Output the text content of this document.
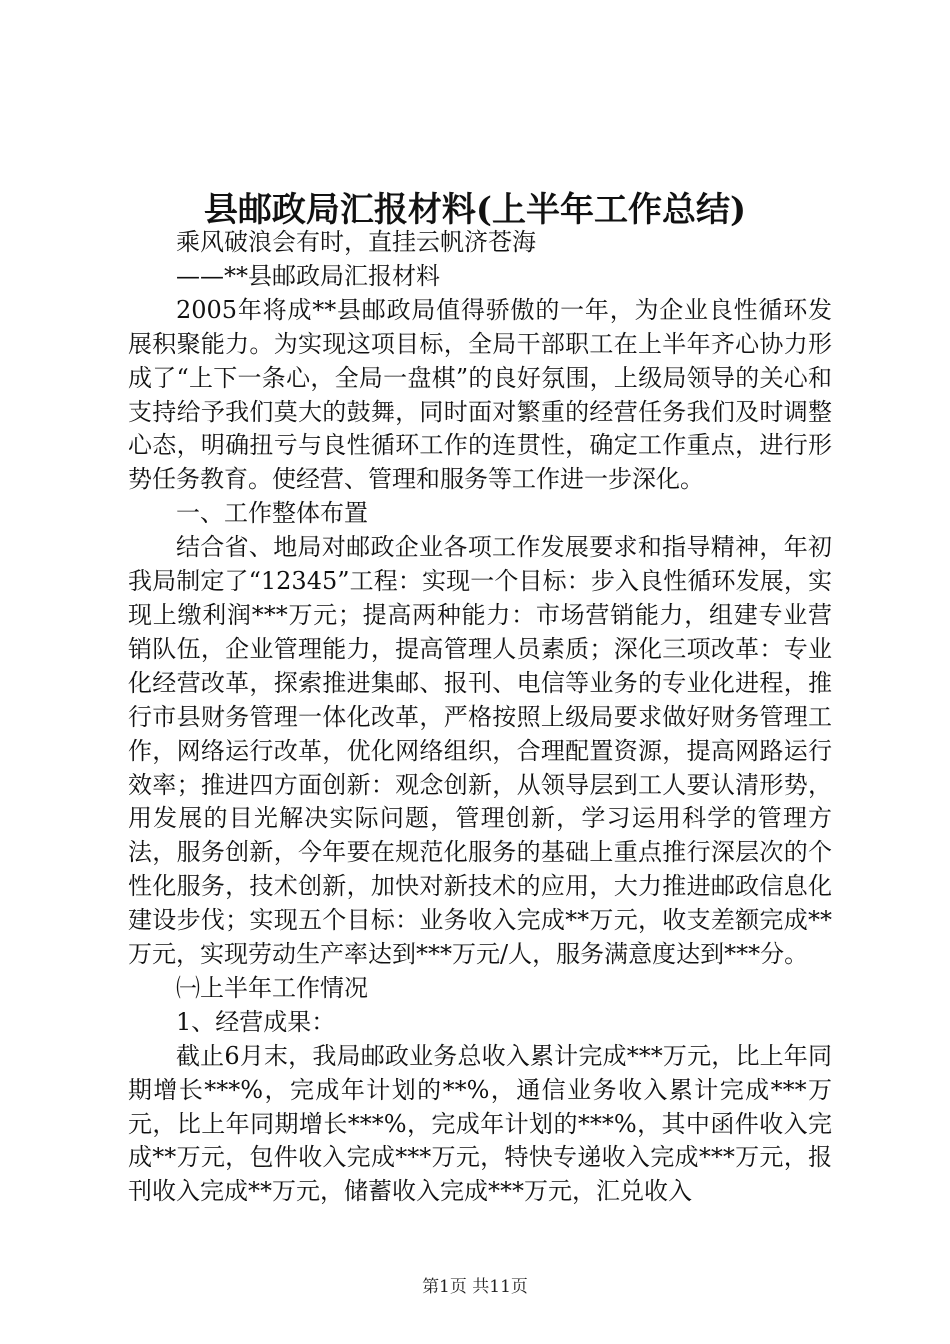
县邮政局汇报材料(上半年工作总结)

乘风破浪会有时，直挂云帆济苍海

——**县邮政局汇报材料

2005年将成**县邮政局值得骄傲的一年，为企业良性循环发展积聚能力。为实现这项目标，全局干部职工在上半年齐心协力形成了“上下一条心，全局一盘棋”的良好氛围，上级局领导的关心和支持给予我们莫大的鼓舞，同时面对繁重的经营任务我们及时调整心态，明确扭亏与良性循环工作的连贯性，确定工作重点，进行形势任务教育。使经营、管理和服务等工作进一步深化。

一、工作整体布置

结合省、地局对邮政企业各项工作发展要求和指导精神，年初我局制定了“12345”工程：实现一个目标：步入良性循环发展，实现上缴利润***万元；提高两种能力：市场营销能力，组建专业营销队伍，企业管理能力，提高管理人员素质；深化三项改革：专业化经营改革，探索推进集邮、报刊、电信等业务的专业化进程，推行市县财务管理一体化改革，严格按照上级局要求做好财务管理工作，网络运行改革，优化网络组织，合理配置资源，提高网路运行效率；推进四方面创新：观念创新，从领导层到工人要认清形势，用发展的目光解决实际问题，管理创新，学习运用科学的管理方法，服务创新，今年要在规范化服务的基础上重点推行深层次的个性化服务，技术创新，加快对新技术的应用，大力推进邮政信息化建设步伐；实现五个目标：业务收入完成**万元，收支差额完成**万元，实现劳动生产率达到***万元/人，服务满意度达到***分。

㈠上半年工作情况

1、经营成果：

截止6月末，我局邮政业务总收入累计完成***万元，比上年同期增长***%，完成年计划的**%，通信业务收入累计完成***万元，比上年同期增长***%，完成年计划的***%，其中函件收入完成**万元，包件收入完成***万元，特快专递收入完成***万元，报刊收入完成**万元，储蓄收入完成***万元，汇兑收入

第1页 共11页
